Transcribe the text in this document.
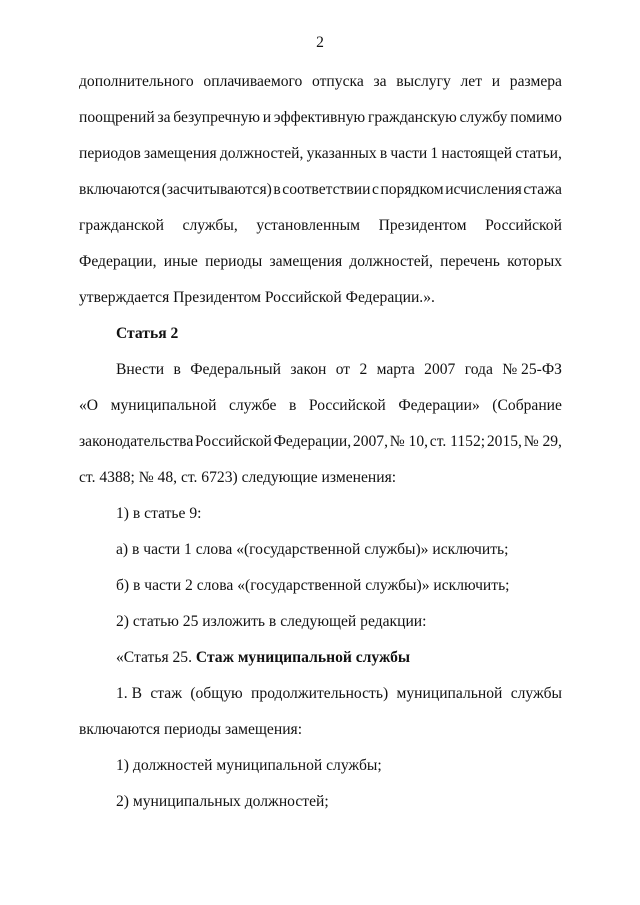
2
дополнительного оплачиваемого отпуска за выслугу лет и размера
поощрений за безупречную и эффективную гражданскую службу помимо
периодов замещения должностей, указанных в части 1 настоящей статьи,
включаются (засчитываются) в соответствии с порядком исчисления стажа
гражданской службы, установленным Президентом Российской
Федерации, иные периоды замещения должностей, перечень которых
утверждается Президентом Российской Федерации.».
Статья 2
Внести в Федеральный закон от 2 марта 2007 года № 25-ФЗ
«О муниципальной службе в Российской Федерации» (Собрание
законодательства Российской Федерации, 2007, № 10, ст. 1152; 2015, № 29,
ст. 4388; № 48, ст. 6723) следующие изменения:
1) в статье 9:
а) в части 1 слова «(государственной службы)» исключить;
б) в части 2 слова «(государственной службы)» исключить;
2) статью 25 изложить в следующей редакции:
«Статья 25. Стаж муниципальной службы
1. В стаж (общую продолжительность) муниципальной службы
включаются периоды замещения:
1) должностей муниципальной службы;
2) муниципальных должностей;
